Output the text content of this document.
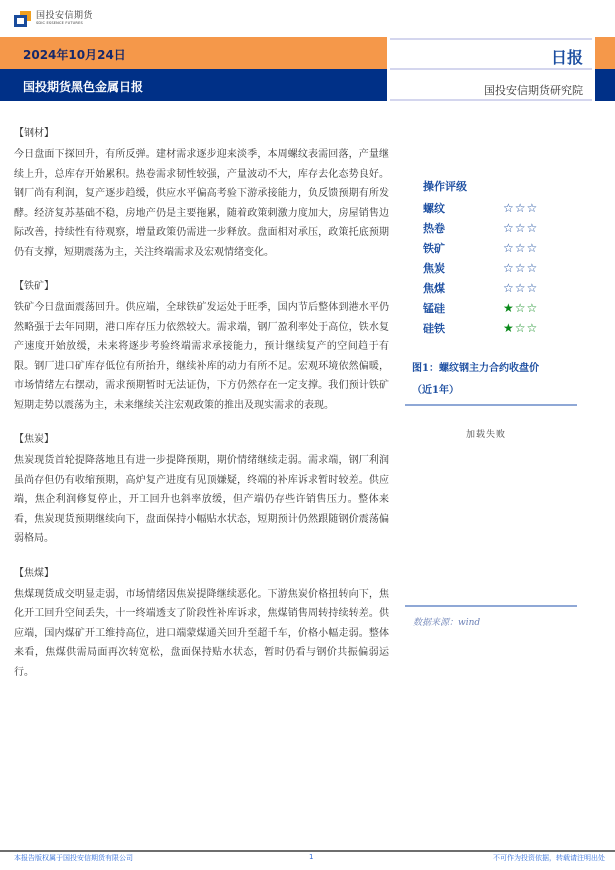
国投安信期货
SDIC ESSENCE FUTURES
2024年10月24日
国投期货黑色金属日报
日报
国投安信期货研究院
【钢材】
今日盘面下探回升，有所反弹。建材需求逐步迎来淡季，本周螺纹表需回落，产量继续上升，总库存开始累积。热卷需求韧性较强，产量波动不大，库存去化态势良好。钢厂尚有利润，复产逐步趋缓，供应水平偏高考验下游承接能力，负反馈预期有所发酵。经济复苏基础不稳，房地产仍是主要拖累，随着政策刺激力度加大，房屋销售边际改善，持续性有待观察，增量政策仍需进一步释放。盘面相对承压，政策托底预期仍有支撑，短期震荡为主，关注终端需求及宏观情绪变化。
【铁矿】
铁矿今日盘面震荡回升。供应端，全球铁矿发运处于旺季，国内节后整体到港水平仍然略强于去年同期，港口库存压力依然较大。需求端，钢厂盈利率处于高位，铁水复产速度开始放缓，未来将逐步考验终端需求承接能力，预计继续复产的空间趋于有限。钢厂进口矿库存低位有所抬升，继续补库的动力有所不足。宏观环境依然偏暖，市场情绪左右摆动，需求预期暂时无法证伪，下方仍然存在一定支撑。我们预计铁矿短期走势以震荡为主，未来继续关注宏观政策的推出及现实需求的表现。
【焦炭】
焦炭现货首轮提降落地且有进一步提降预期，期价情绪继续走弱。需求端，钢厂利润虽尚存但仍有收缩预期，高炉复产进度有见顶嫌疑，终端的补库诉求暂时较差。供应端，焦企利润修复停止，开工回升也斜率放缓，但产端仍存些许销售压力。整体来看，焦炭现货预期继续向下，盘面保持小幅贴水状态，短期预计仍然跟随钢价震荡偏弱格局。
【焦煤】
焦煤现货成交明显走弱，市场情绪因焦炭提降继续恶化。下游焦炭价格扭转向下，焦化开工回升空间丢失，十一终端透支了阶段性补库诉求，焦煤销售周转持续转差。供应端，国内煤矿开工维持高位，进口端蒙煤通关回升至超千车，价格小幅走弱。整体来看，焦煤供需局面再次转宽松，盘面保持贴水状态，暂时仍看与钢价共振偏弱运行。
操作评级
螺纹	☆ ☆ ☆
热卷	☆ ☆ ☆
铁矿	☆ ☆ ☆
焦炭	☆ ☆ ☆
焦煤	☆ ☆ ☆
锰硅	★ ☆ ☆
硅铁	★ ☆ ☆
图1：螺纹钢主力合约收盘价
（近1年）
加载失败
数据来源：wind
本报告版权属于国投安信期货有限公司	1	不可作为投资依据，转载请注明出处
